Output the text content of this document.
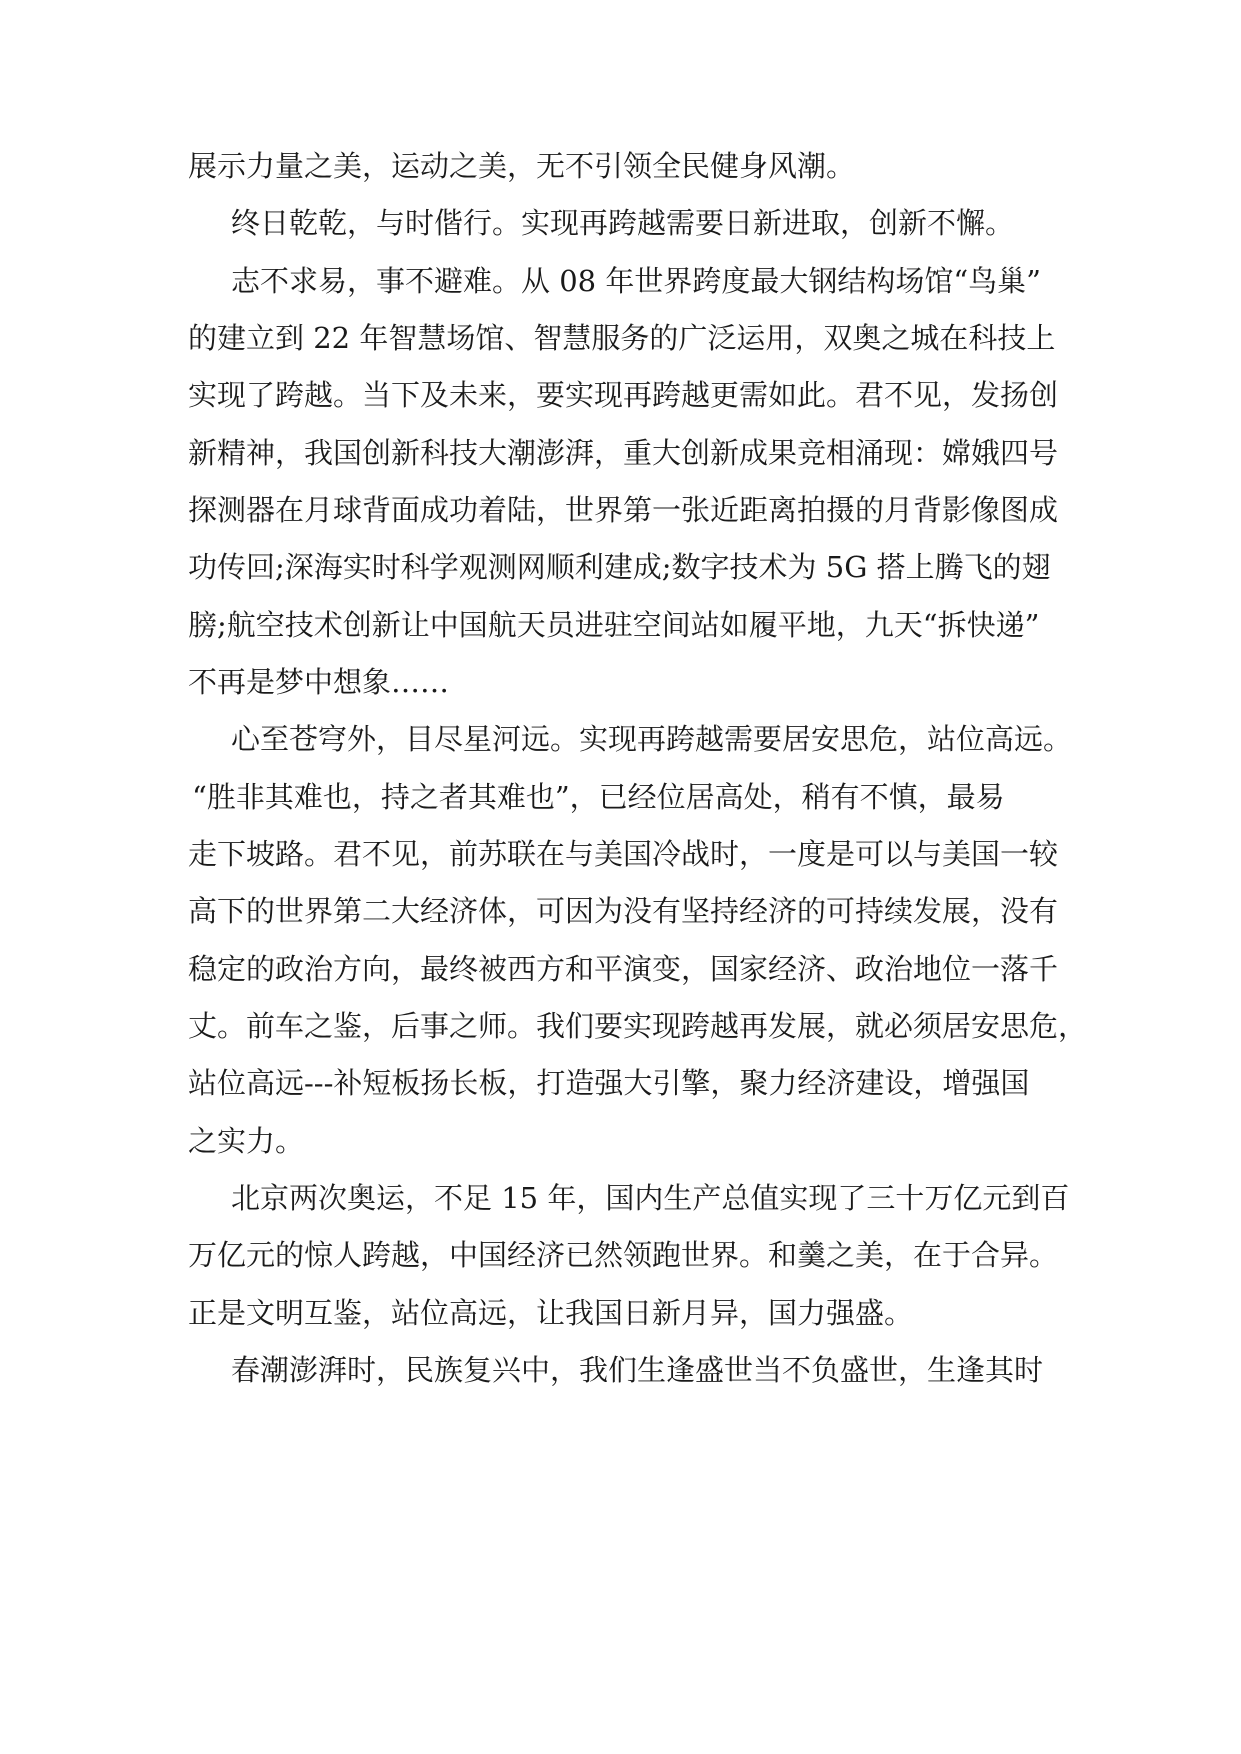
展示力量之美，运动之美，无不引领全民健身风潮。
终日乾乾，与时偕行。实现再跨越需要日新进取，创新不懈。
志不求易，事不避难。从 08 年世界跨度最大钢结构场馆“鸟巢”
的建立到 22 年智慧场馆、智慧服务的广泛运用，双奥之城在科技上
实现了跨越。当下及未来，要实现再跨越更需如此。君不见，发扬创
新精神，我国创新科技大潮澎湃，重大创新成果竞相涌现：嫦娥四号
探测器在月球背面成功着陆，世界第一张近距离拍摄的月背影像图成
功传回;深海实时科学观测网顺利建成;数字技术为 5G 搭上腾飞的翅
膀;航空技术创新让中国航天员进驻空间站如履平地，九天“拆快递”
不再是梦中想象……
心至苍穹外，目尽星河远。实现再跨越需要居安思危，站位高远。
“胜非其难也，持之者其难也”，已经位居高处，稍有不慎，最易
走下坡路。君不见，前苏联在与美国冷战时，一度是可以与美国一较
高下的世界第二大经济体，可因为没有坚持经济的可持续发展，没有
稳定的政治方向，最终被西方和平演变，国家经济、政治地位一落千
丈。前车之鉴，后事之师。我们要实现跨越再发展，就必须居安思危，
站位高远---补短板扬长板，打造强大引擎，聚力经济建设，增强国
之实力。
北京两次奥运，不足 15 年，国内生产总值实现了三十万亿元到百
万亿元的惊人跨越，中国经济已然领跑世界。和羹之美，在于合异。
正是文明互鉴，站位高远，让我国日新月异，国力强盛。
春潮澎湃时，民族复兴中，我们生逢盛世当不负盛世，生逢其时
